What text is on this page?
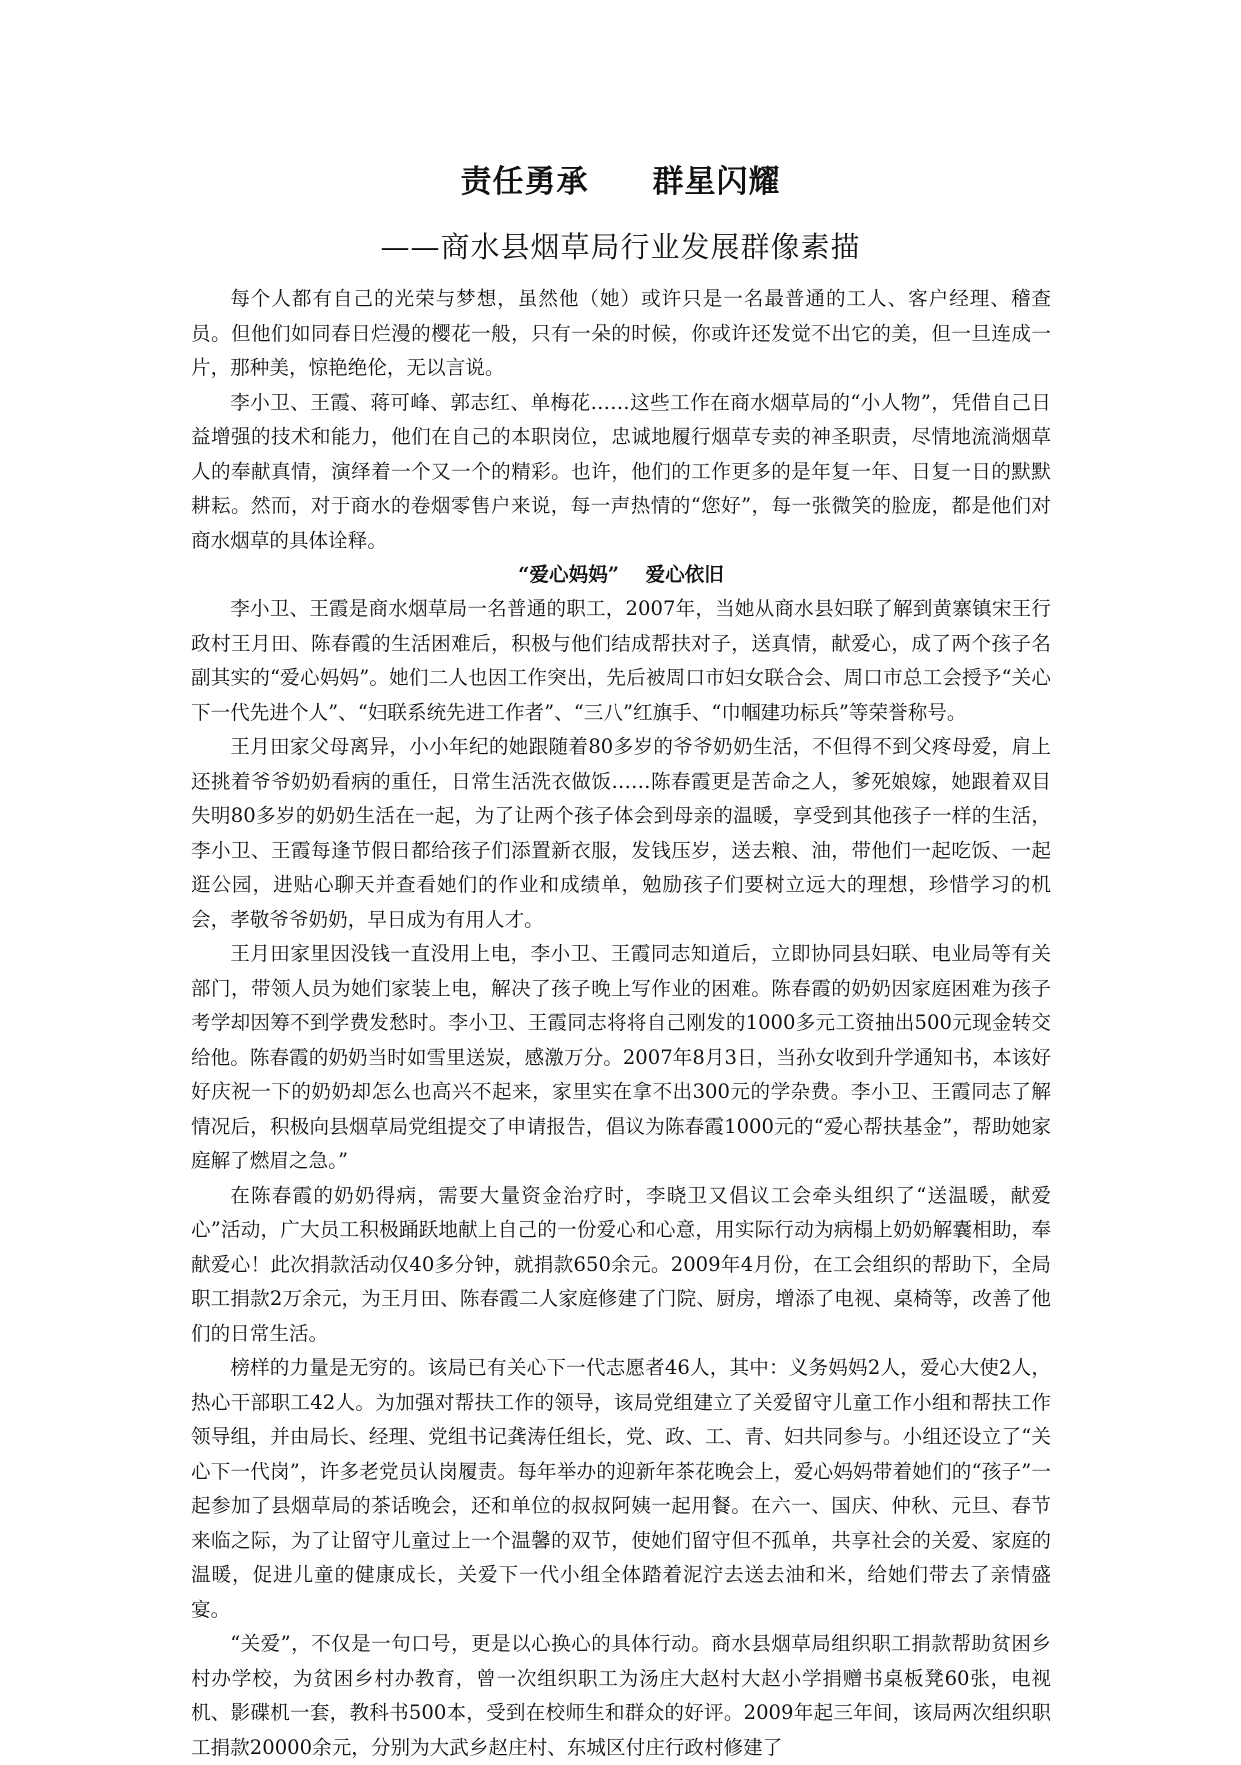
责任勇承　　群星闪耀
——商水县烟草局行业发展群像素描

每个人都有自己的光荣与梦想，虽然他（她）或许只是一名最普通的工人、客户经理、稽查员。但他们如同春日烂漫的樱花一般，只有一朵的时候，你或许还发觉不出它的美，但一旦连成一片，那种美，惊艳绝伦，无以言说。

李小卫、王霞、蒋可峰、郭志红、单梅花……这些工作在商水烟草局的“小人物”，凭借自己日益增强的技术和能力，他们在自己的本职岗位，忠诚地履行烟草专卖的神圣职责，尽情地流淌烟草人的奉献真情，演绎着一个又一个的精彩。也许，他们的工作更多的是年复一年、日复一日的默默耕耘。然而，对于商水的卷烟零售户来说，每一声热情的“您好”，每一张微笑的脸庞，都是他们对商水烟草的具体诠释。

“爱心妈妈”　 爱心依旧

李小卫、王霞是商水烟草局一名普通的职工，2007年，当她从商水县妇联了解到黄寨镇宋王行政村王月田、陈春霞的生活困难后，积极与他们结成帮扶对子，送真情，献爱心，成了两个孩子名副其实的“爱心妈妈”。她们二人也因工作突出，先后被周口市妇女联合会、周口市总工会授予“关心下一代先进个人”、“妇联系统先进工作者”、“三八”红旗手、“巾帼建功标兵”等荣誉称号。

王月田家父母离异，小小年纪的她跟随着80多岁的爷爷奶奶生活，不但得不到父疼母爱，肩上还挑着爷爷奶奶看病的重任，日常生活洗衣做饭……陈春霞更是苦命之人，爹死娘嫁，她跟着双目失明80多岁的奶奶生活在一起，为了让两个孩子体会到母亲的温暖，享受到其他孩子一样的生活，李小卫、王霞每逢节假日都给孩子们添置新衣服，发钱压岁，送去粮、油，带他们一起吃饭、一起逛公园，进贴心聊天并查看她们的作业和成绩单，勉励孩子们要树立远大的理想，珍惜学习的机会，孝敬爷爷奶奶，早日成为有用人才。

王月田家里因没钱一直没用上电，李小卫、王霞同志知道后，立即协同县妇联、电业局等有关部门，带领人员为她们家装上电，解决了孩子晚上写作业的困难。陈春霞的奶奶因家庭困难为孩子考学却因筹不到学费发愁时。李小卫、王霞同志将将自己刚发的1000多元工资抽出500元现金转交给他。陈春霞的奶奶当时如雪里送炭，感激万分。2007年8月3日，当孙女收到升学通知书，本该好好庆祝一下的奶奶却怎么也高兴不起来，家里实在拿不出300元的学杂费。李小卫、王霞同志了解情况后，积极向县烟草局党组提交了申请报告，倡议为陈春霞1000元的“爱心帮扶基金”，帮助她家庭解了燃眉之急。”

在陈春霞的奶奶得病，需要大量资金治疗时，李晓卫又倡议工会牵头组织了“送温暖，献爱心”活动，广大员工积极踊跃地献上自己的一份爱心和心意，用实际行动为病榻上奶奶解囊相助，奉献爱心！此次捐款活动仅40多分钟，就捐款650余元。2009年4月份，在工会组织的帮助下，全局职工捐款2万余元，为王月田、陈春霞二人家庭修建了门院、厨房，增添了电视、桌椅等，改善了他们的日常生活。

榜样的力量是无穷的。该局已有关心下一代志愿者46人，其中：义务妈妈2人，爱心大使2人，热心干部职工42人。为加强对帮扶工作的领导，该局党组建立了关爱留守儿童工作小组和帮扶工作领导组，并由局长、经理、党组书记龚涛任组长，党、政、工、青、妇共同参与。小组还设立了“关心下一代岗”，许多老党员认岗履责。每年举办的迎新年茶花晚会上，爱心妈妈带着她们的“孩子”一起参加了县烟草局的茶话晚会，还和单位的叔叔阿姨一起用餐。在六一、国庆、仲秋、元旦、春节来临之际，为了让留守儿童过上一个温馨的双节，使她们留守但不孤单，共享社会的关爱、家庭的温暖，促进儿童的健康成长，关爱下一代小组全体踏着泥泞去送去油和米，给她们带去了亲情盛宴。

“关爱”，不仅是一句口号，更是以心换心的具体行动。商水县烟草局组织职工捐款帮助贫困乡村办学校，为贫困乡村办教育，曾一次组织职工为汤庄大赵村大赵小学捐赠书桌板凳60张，电视机、影碟机一套，教科书500本，受到在校师生和群众的好评。2009年起三年间，该局两次组织职工捐款20000余元，分别为大武乡赵庄村、东城区付庄行政村修建了
